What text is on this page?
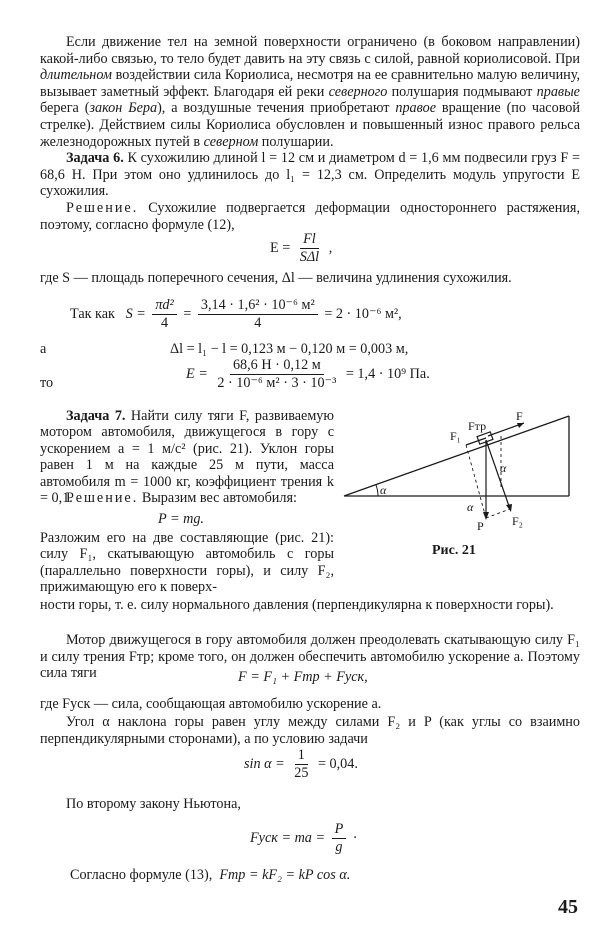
Если движение тел на земной поверхности ограничено (в боковом направлении) какой-либо связью, то тело будет давить на эту связь с силой, равной кориолисовой. При длительном воздействии сила Кориолиса, несмотря на ее сравнительно малую величину, вызывает заметный эффект. Благодаря ей реки северного полушария подмывают правые берега (закон Бера), а воздушные течения приобретают правое вращение (по часовой стрелке). Действием силы Кориолиса обусловлен и повышенный износ правого рельса железнодорожных путей в северном полушарии.

Задача 6. К сухожилию длиной l = 12 см и диаметром d = 1,6 мм подвесили груз F = 68,6 Н. При этом оно удлинилось до l₁ = 12,3 см. Определить модуль упругости E сухожилия.

Решение. Сухожилие подвергается деформации одностороннего растяжения, поэтому, согласно формуле (12),

$E = \frac{Fl}{\text{SΔl}}$ ,

где S — площадь поперечного сечения, Δl — величина удлинения сухожилия.

Так как $S = \frac{\text{πd²}}{4} = \frac{\text{3,14 · 1,6² · 10⁻⁶ м²}}{4} = 2 \cdot 10^{-6}$ м²,
а	Δl = l₁ − l = 0,123 м − 0,120 м = 0,003 м,
то
$E = \frac{68,6 Н \cdot 0,12 м}{\text{2 · 10⁻⁶ м² · 3 · 10⁻³}} = 1,4 \cdot 10^9$ Па.

Задача 7. Найти силу тяги F, развиваемую мотором автомобиля, движущегося в гору с ускорением a = 1 м/с² (рис. 21). Уклон горы равен 1 м на каждые 25 м пути, масса автомобиля m = 1000 кг, коэффициент трения k = 0,1.

Решение. Выразим вес автомобиля:

P = mg.

Разложим его на две составляющие (рис. 21): силу F₁, скатывающую автомобиль с горы (параллельно поверхности горы), и силу F₂, прижимающую его к поверх-

ности горы, т. е. силу нормального давления (перпендикулярна к поверхности горы).

F
F₁
Fтр
P F₂
α
α
α
Рис. 21

Мотор движущегося в гору автомобиля должен преодолевать скатывающую силу F₁ и силу трения Fтр; кроме того, он должен обеспечить автомобилю ускорение a. Поэтому сила тяги	F = F₁ + Fтр + Fуск,

где Fуск — сила, сообщающая автомобилю ускорение a.

Угол α наклона горы равен углу между силами F₂ и P (как углы со взаимно перпендикулярными сторонами), а по условию задачи

$\sin \alpha = \frac{1}{25} = 0,04$.

По второму закону Ньютона,

Fуск = ma = $\frac{P}{g}$ ·
Согласно формуле (13), Fтр = kF₂ = kP cos α.
45
